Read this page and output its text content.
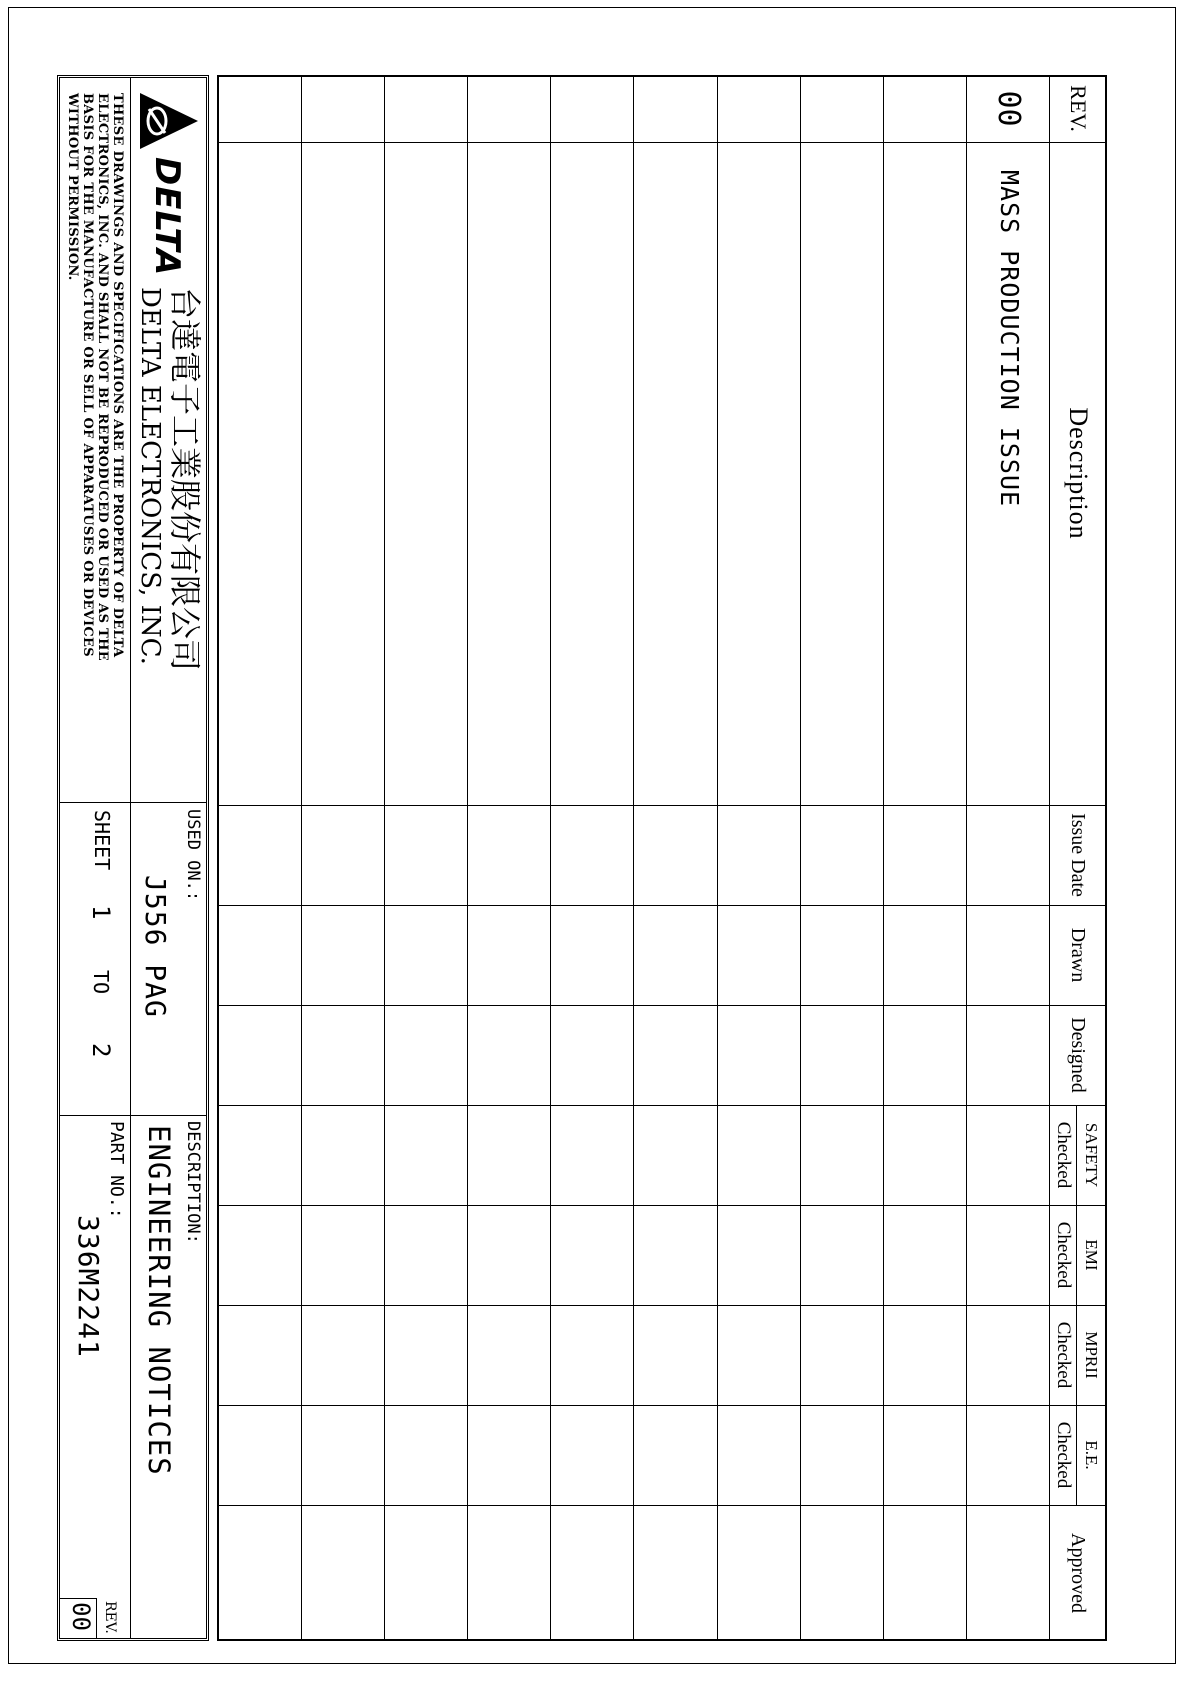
REV.
Description
Issue Date
Drawn
Designed
SAFETY
Checked
EMI
Checked
MPRII
Checked
E.E.
Checked
Approved
00
MASS PRODUCTION ISSUE
DELTA
台達電子工業股份有限公司
DELTA ELECTRONICS, INC.
THESE DRAWINGS AND SPECIFICATIONS ARE THE PROPERTY OF DELTA
ELECTRONICS, INC. AND SHALL NOT BE REPRODUCED OR USED AS THE
BASIS FOR THE MANUFACTURE OR SELL OF APPARATUSES OR DEVICES
WITHOUT PERMISSION.
USED ON.:
J556 PAG
SHEET
1
TO
2
DESCRIPTION:
ENGINEERING NOTICES
PART NO.:
336M2241
REV.
00
